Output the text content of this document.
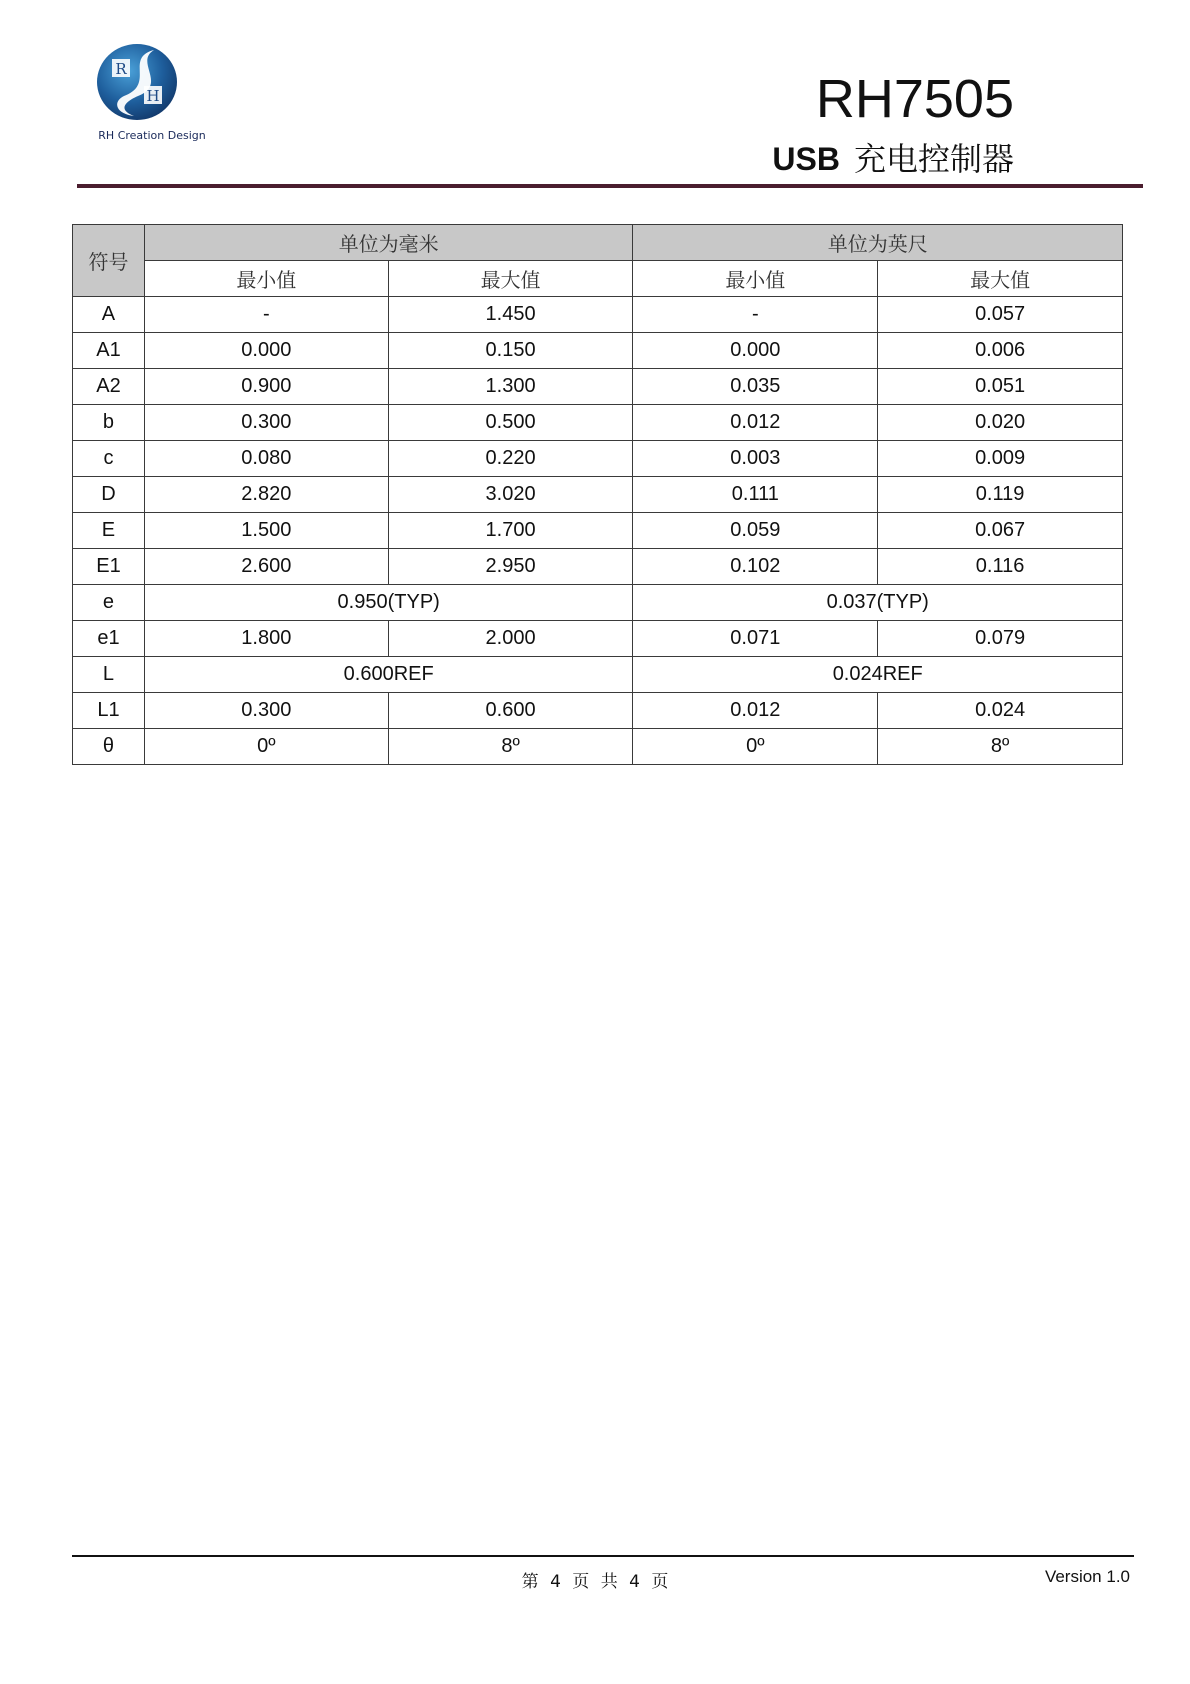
R
H
RH Creation Design
RH7505
USB 充电控制器
符号	单位为毫米		单位为英尺	
	最小值	最大值	最小值	最大值
A	-	1.450	-	0.057
A1	0.000	0.150	0.000	0.006
A2	0.900	1.300	0.035	0.051
b	0.300	0.500	0.012	0.020
c	0.080	0.220	0.003	0.009
D	2.820	3.020	0.111	0.119
E	1.500	1.700	0.059	0.067
E1	2.600	2.950	0.102	0.116
e	0.950(TYP)		0.037(TYP)	
e1	1.800	2.000	0.071	0.079
L	0.600REF		0.024REF	
L1	0.300	0.600	0.012	0.024
θ	0º	8º	0º	8º
第 4 页 共 4 页	Version 1.0
